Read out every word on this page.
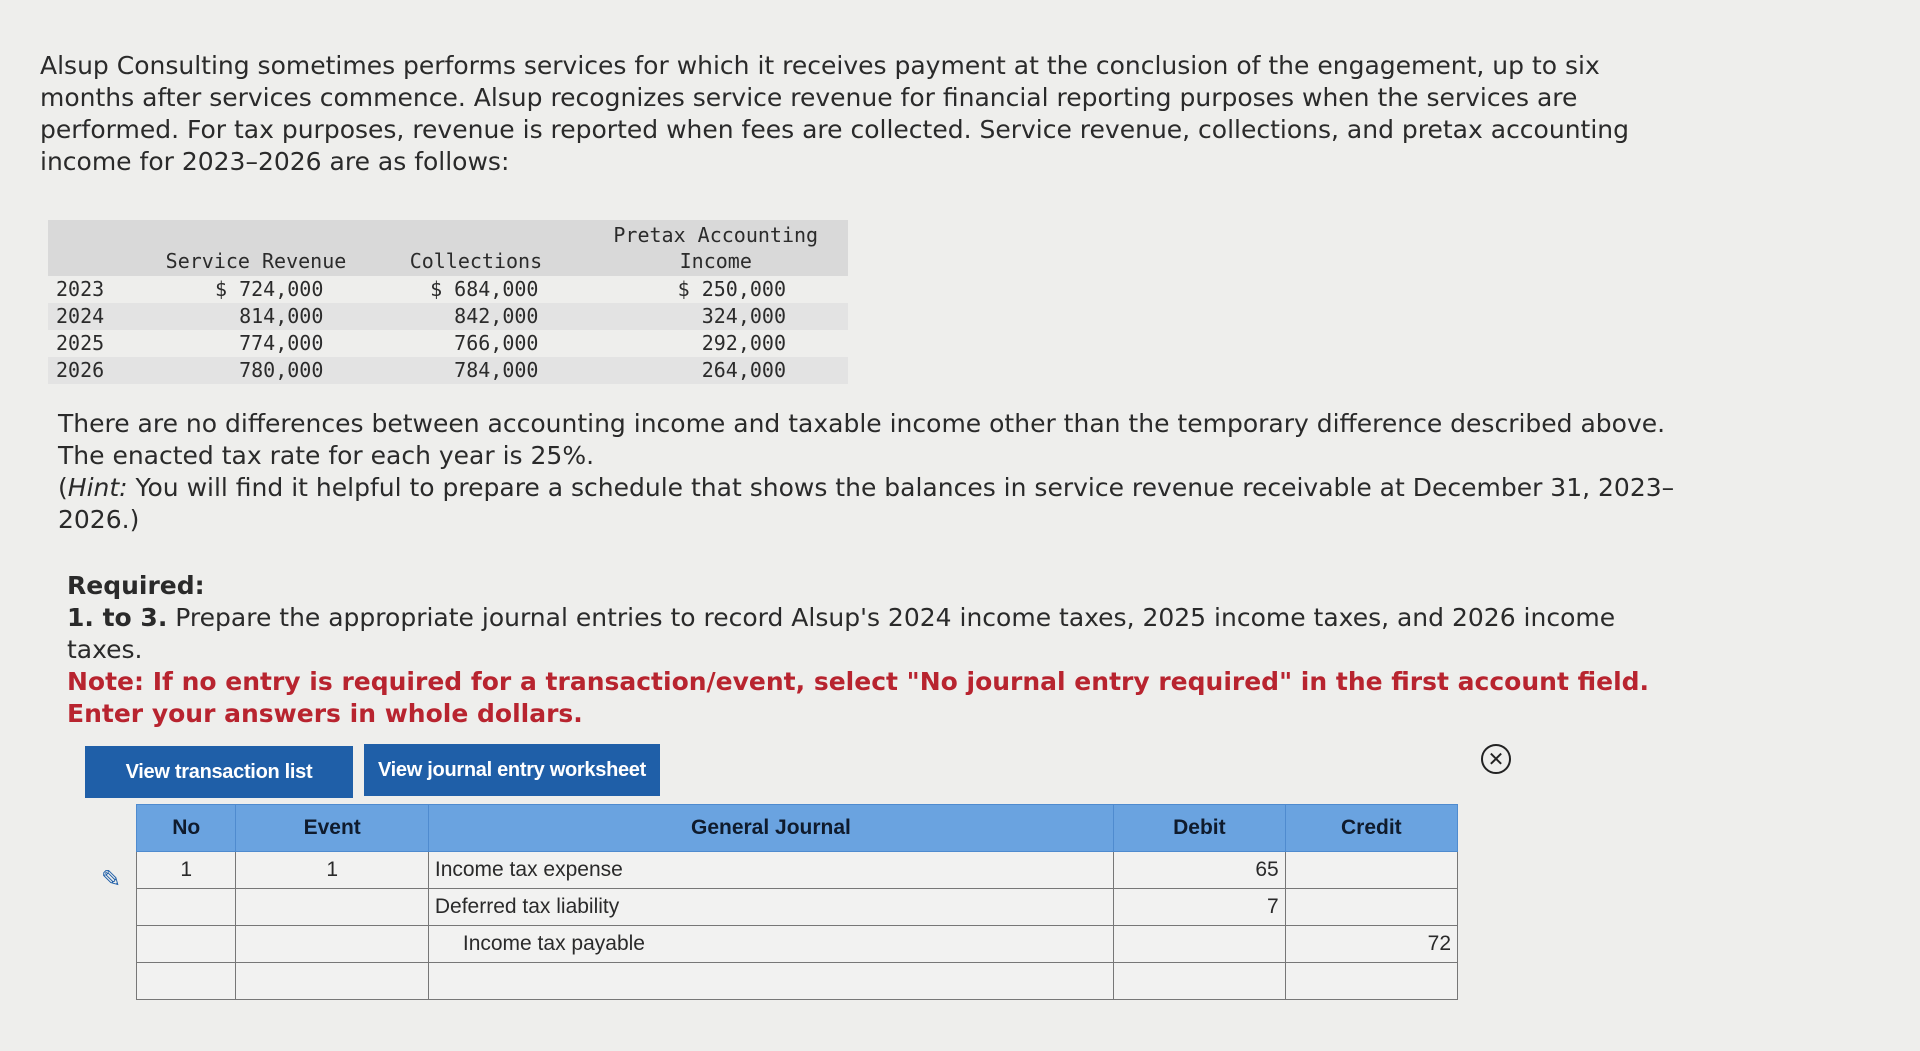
Alsup Consulting sometimes performs services for which it receives payment at the conclusion of the engagement, up to six months after services commence. Alsup recognizes service revenue for financial reporting purposes when the services are performed. For tax purposes, revenue is reported when fees are collected. Service revenue, collections, and pretax accounting income for 2023–2026 are as follows:
	Service Revenue	Collections	Pretax Accounting Income
2023	$ 724,000	$ 684,000	$ 250,000
2024	814,000	842,000	324,000
2025	774,000	766,000	292,000
2026	780,000	784,000	264,000
There are no differences between accounting income and taxable income other than the temporary difference described above. The enacted tax rate for each year is 25%.
(Hint: You will find it helpful to prepare a schedule that shows the balances in service revenue receivable at December 31, 2023–2026.)
Required:
1. to 3. Prepare the appropriate journal entries to record Alsup's 2024 income taxes, 2025 income taxes, and 2026 income taxes.
Note: If no entry is required for a transaction/event, select "No journal entry required" in the first account field. Enter your answers in whole dollars.
View transaction list	View journal entry worksheet	✕
✎
No	Event	General Journal	Debit	Credit
1	1	Income tax expense	65	
		Deferred tax liability	7	
		Income tax payable		72
